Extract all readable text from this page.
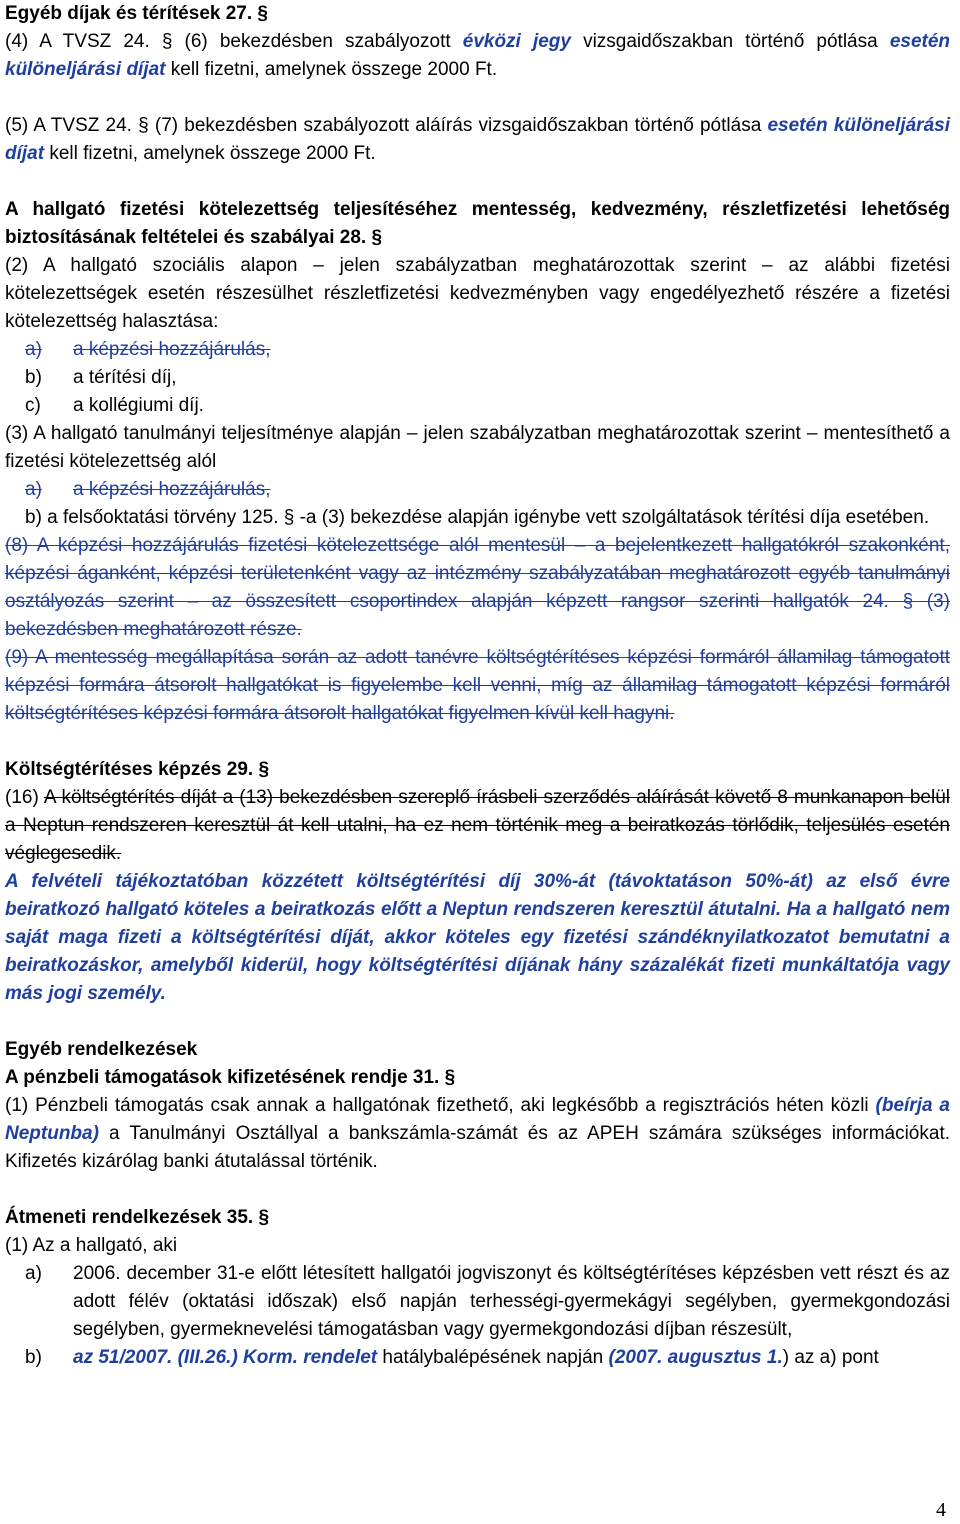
Egyéb díjak és térítések 27. §

(4) A TVSZ 24. § (6) bekezdésben szabályozott évközi jegy vizsgaidőszakban történő pótlása esetén különeljárási díjat kell fizetni, amelynek összege 2000 Ft.

(5) A TVSZ 24. § (7) bekezdésben szabályozott aláírás vizsgaidőszakban történő pótlása esetén különeljárási díjat kell fizetni, amelynek összege 2000 Ft.

A hallgató fizetési kötelezettség teljesítéséhez mentesség, kedvezmény, részletfizetési lehetőség biztosításának feltételei és szabályai 28. §

(2) A hallgató szociális alapon – jelen szabályzatban meghatározottak szerint – az alábbi fizetési kötelezettségek esetén részesülhet részletfizetési kedvezményben vagy engedélyezhető részére a fizetési kötelezettség halasztása:

a)	a képzési hozzájárulás,
b)	a térítési díj,
c)	a kollégiumi díj.

(3) A hallgató tanulmányi teljesítménye alapján – jelen szabályzatban meghatározottak szerint – mentesíthető a fizetési kötelezettség alól

a)	a képzési hozzájárulás,

b) a felsőoktatási törvény 125. § -a (3) bekezdése alapján igénybe vett szolgáltatások térítési díja esetében.

(8) A képzési hozzájárulás fizetési kötelezettsége alól mentesül – a bejelentkezett hallgatókról szakonként, képzési áganként, képzési területenként vagy az intézmény szabályzatában meghatározott egyéb tanulmányi osztályozás szerint – az összesített csoportindex alapján képzett rangsor szerinti hallgatók 24. § (3) bekezdésben meghatározott része.

(9) A mentesség megállapítása során az adott tanévre költségtérítéses képzési formáról államilag támogatott képzési formára átsorolt hallgatókat is figyelembe kell venni, míg az államilag támogatott képzési formáról költségtérítéses képzési formára átsorolt hallgatókat figyelmen kívül kell hagyni.

Költségtérítéses képzés 29. §

(16) A költségtérítés díját a (13) bekezdésben szereplő írásbeli szerződés aláírását követő 8 munkanapon belül a Neptun rendszeren keresztül át kell utalni, ha ez nem történik meg a beiratkozás törlődik, teljesülés esetén véglegesedik.

A felvételi tájékoztatóban közzétett költségtérítési díj 30%-át (távoktatáson 50%-át) az első évre beiratkozó hallgató köteles a beiratkozás előtt a Neptun rendszeren keresztül átutalni. Ha a hallgató nem saját maga fizeti a költségtérítési díját, akkor köteles egy fizetési szándéknyilatkozatot bemutatni a beiratkozáskor, amelyből kiderül, hogy költségtérítési díjának hány százalékát fizeti munkáltatója vagy más jogi személy.

Egyéb rendelkezések

A pénzbeli támogatások kifizetésének rendje 31. §

(1) Pénzbeli támogatás csak annak a hallgatónak fizethető, aki legkésőbb a regisztrációs héten közli (beírja a Neptunba) a Tanulmányi Osztállyal a bankszámla-számát és az APEH számára szükséges információkat. Kifizetés kizárólag banki átutalással történik.

Átmeneti rendelkezések 35. §

(1) Az a hallgató, aki

a)	2006. december 31-e előtt létesített hallgatói jogviszonyt és költségtérítéses képzésben vett részt és az adott félév (oktatási időszak) első napján terhességi-gyermekágyi segélyben, gyermekgondozási segélyben, gyermeknevelési támogatásban vagy gyermekgondozási díjban részesült,
b)	az 51/2007. (III.26.) Korm. rendelet hatálybalépésének napján (2007. augusztus 1.) az a) pont
4
